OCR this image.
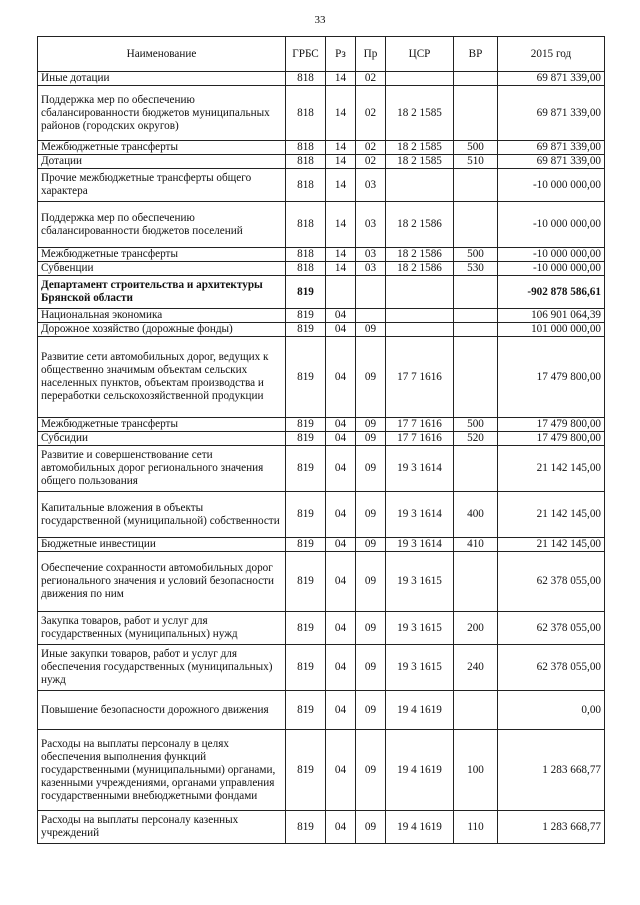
33
Наименование	ГРБС	Рз	Пр	ЦСР	ВР	2015 год
Иные дотации	818	14	02			69 871 339,00
Поддержка мер по обеспечению сбалансированности бюджетов муниципальных районов (городских округов)	818	14	02	18 2 1585		69 871 339,00
Межбюджетные трансферты	818	14	02	18 2 1585	500	69 871 339,00
Дотации	818	14	02	18 2 1585	510	69 871 339,00
Прочие межбюджетные трансферты общего характера	818	14	03			-10 000 000,00
Поддержка мер по обеспечению сбалансированности бюджетов поселений	818	14	03	18 2 1586		-10 000 000,00
Межбюджетные трансферты	818	14	03	18 2 1586	500	-10 000 000,00
Субвенции	818	14	03	18 2 1586	530	-10 000 000,00
Департамент строительства и архитектуры Брянской области	819					-902 878 586,61
Национальная экономика	819	04				106 901 064,39
Дорожное хозяйство (дорожные фонды)	819	04	09			101 000 000,00
Развитие сети автомобильных дорог, ведущих к общественно значимым объектам сельских населенных пунктов, объектам производства и переработки сельскохозяйственной продукции	819	04	09	17 7 1616		17 479 800,00
Межбюджетные трансферты	819	04	09	17 7 1616	500	17 479 800,00
Субсидии	819	04	09	17 7 1616	520	17 479 800,00
Развитие и совершенствование сети автомобильных дорог регионального значения общего пользования	819	04	09	19 3 1614		21 142 145,00
Капитальные вложения в объекты государственной (муниципальной) собственности	819	04	09	19 3 1614	400	21 142 145,00
Бюджетные инвестиции	819	04	09	19 3 1614	410	21 142 145,00
Обеспечение сохранности автомобильных дорог регионального значения и условий безопасности движения по ним	819	04	09	19 3 1615		62 378 055,00
Закупка товаров, работ и услуг для государственных (муниципальных) нужд	819	04	09	19 3 1615	200	62 378 055,00
Иные закупки товаров, работ и услуг для обеспечения государственных (муниципальных) нужд	819	04	09	19 3 1615	240	62 378 055,00
Повышение безопасности дорожного движения	819	04	09	19 4 1619		0,00
Расходы на выплаты персоналу в целях обеспечения выполнения функций государственными (муниципальными) органами, казенными учреждениями, органами управления государственными внебюджетными фондами	819	04	09	19 4 1619	100	1 283 668,77
Расходы на выплаты персоналу казенных учреждений	819	04	09	19 4 1619	110	1 283 668,77
